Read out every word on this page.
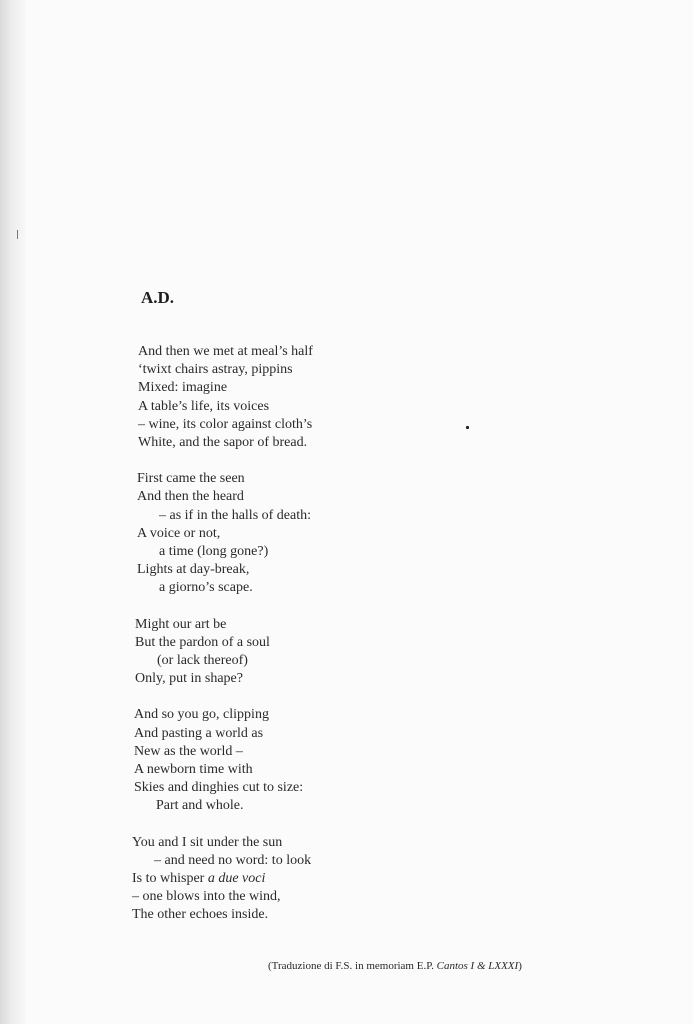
A.D.
And then we met at meal’s half
‘twixt chairs astray, pippins
Mixed: imagine
A table’s life, its voices
– wine, its color against cloth’s
White, and the sapor of bread.
First came the seen
And then the heard
– as if in the halls of death:
A voice or not,
a time (long gone?)
Lights at day-break,
a giorno’s scape.
Might our art be
But the pardon of a soul
(or lack thereof)
Only, put in shape?
And so you go, clipping
And pasting a world as
New as the world –
A newborn time with
Skies and dinghies cut to size:
Part and whole.
You and I sit under the sun
– and need no word: to look
Is to whisper a due voci
– one blows into the wind,
The other echoes inside.
(Traduzione di F.S. in memoriam E.P. Cantos I & LXXXI)
